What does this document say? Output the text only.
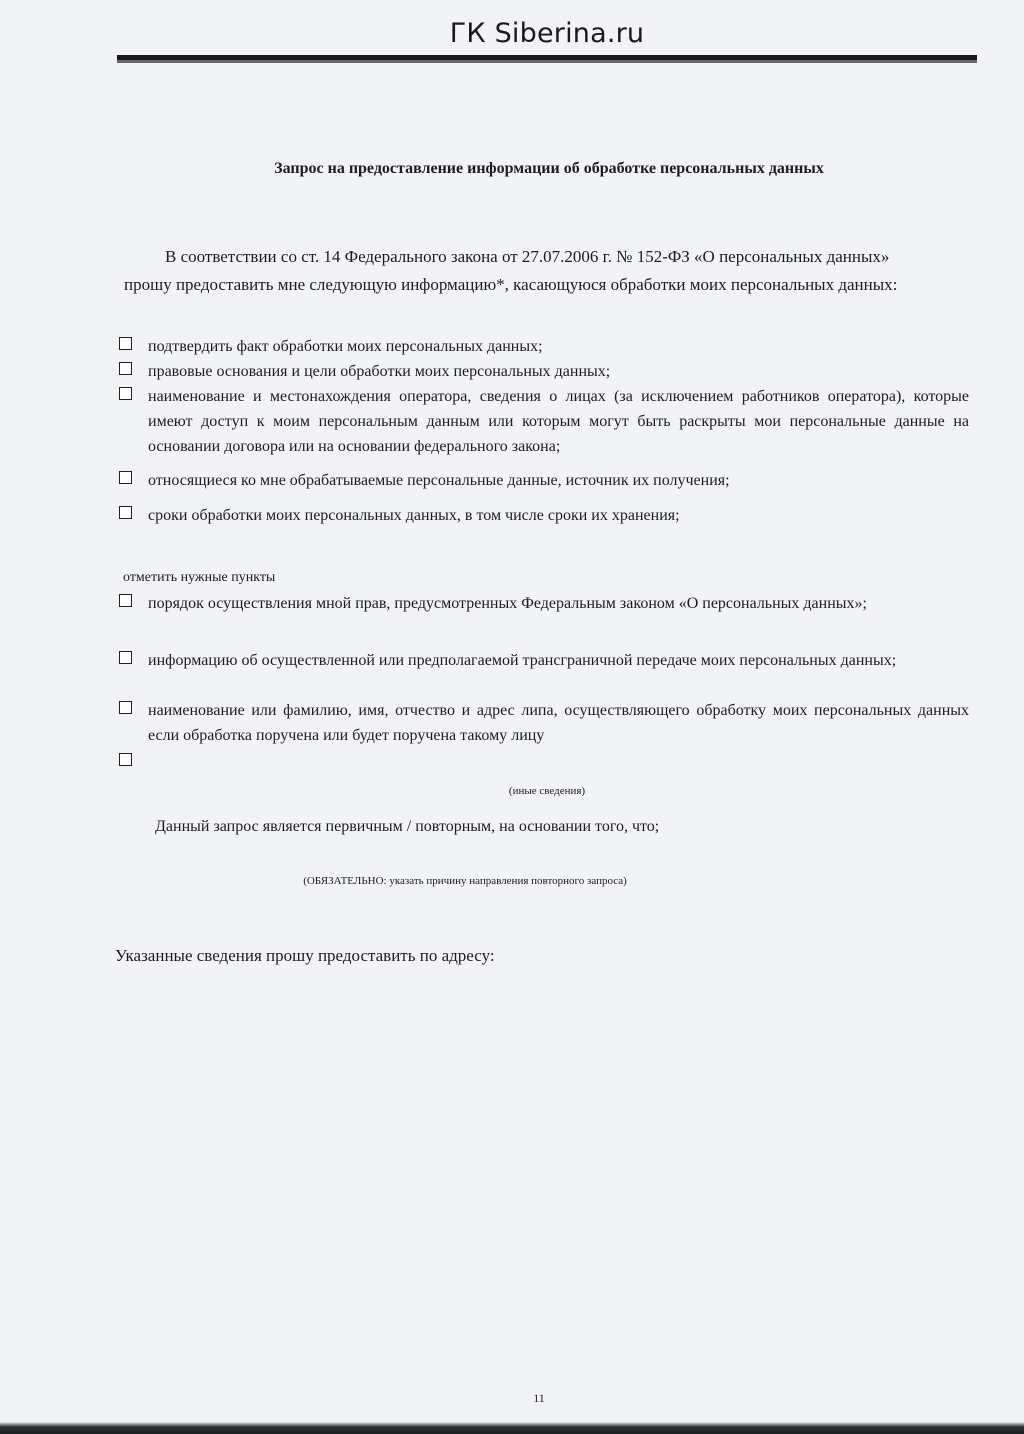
ГК Siberina.ru
Запрос на предоставление информации об обработке персональных данных

В соответствии со ст. 14 Федерального закона от 27.07.2006 г. № 152-ФЗ «О персональных данных» прошу предоставить мне следующую информацию*, касающуюся обработки моих персональных данных:

подтвердить факт обработки моих персональных данных;
правовые основания и цели обработки моих персональных данных;
наименование и местонахождения оператора, сведения о лицах (за исключением работников оператора), которые имеют доступ к моим персональным данным или которым могут быть раскрыты мои персональные данные на основании договора или на основании федерального закона;
относящиеся ко мне обрабатываемые персональные данные, источник их получения;
сроки обработки моих персональных данных, в том числе сроки их хранения;
отметить нужные пункты
порядок осуществления мной прав, предусмотренных Федеральным законом «О персональных данных»;
информацию об осуществленной или предполагаемой трансграничной передаче моих персональных данных;
наименование или фамилию, имя, отчество и адрес липа, осуществляющего обработку моих персональных данных если обработка поручена или будет поручена такому лицу
(иные сведения)
Данный запрос является первичным / повторным, на основании того, что;
(ОБЯЗАТЕЛЬНО: указать причину направления повторного запроса)
Указанные сведения прошу предоставить по адресу:
11
